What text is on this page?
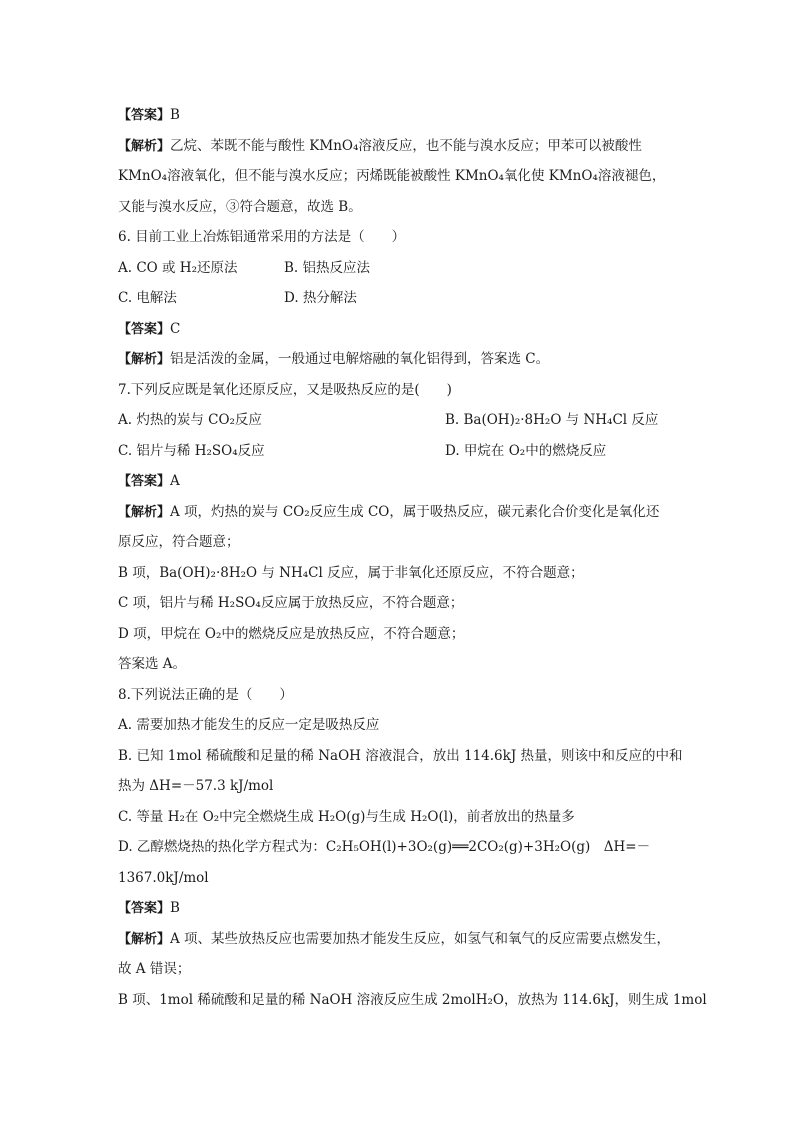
【答案】B
【解析】乙烷、苯既不能与酸性 KMnO₄溶液反应，也不能与溴水反应；甲苯可以被酸性
KMnO₄溶液氧化，但不能与溴水反应；丙烯既能被酸性 KMnO₄氧化使 KMnO₄溶液褪色，
又能与溴水反应，③符合题意，故选 B。
6. 目前工业上冶炼铝通常采用的方法是（　　）
A. CO 或 H₂还原法	B. 铝热反应法
C. 电解法	D. 热分解法
【答案】C
【解析】铝是活泼的金属，一般通过电解熔融的氧化铝得到，答案选 C。
7.下列反应既是氧化还原反应，又是吸热反应的是(　　)
A. 灼热的炭与 CO₂反应	B. Ba(OH)₂·8H₂O 与 NH₄Cl 反应
C. 铝片与稀 H₂SO₄反应	D. 甲烷在 O₂中的燃烧反应
【答案】A
【解析】A 项，灼热的炭与 CO₂反应生成 CO，属于吸热反应，碳元素化合价变化是氧化还
原反应，符合题意；
B 项，Ba(OH)₂·8H₂O 与 NH₄Cl 反应，属于非氧化还原反应，不符合题意；
C 项，铝片与稀 H₂SO₄反应属于放热反应，不符合题意；
D 项，甲烷在 O₂中的燃烧反应是放热反应，不符合题意；
答案选 A。
8.下列说法正确的是（　　）
A. 需要加热才能发生的反应一定是吸热反应
B. 已知 1mol 稀硫酸和足量的稀 NaOH 溶液混合，放出 114.6kJ 热量，则该中和反应的中和
热为 ΔH=－57.3 kJ/mol
C. 等量 H₂在 O₂中完全燃烧生成 H₂O(g)与生成 H₂O(l)，前者放出的热量多
D. 乙醇燃烧热的热化学方程式为：C₂H₅OH(l)+3O₂(g)══2CO₂(g)+3H₂O(g)　ΔH=－
1367.0kJ/mol
【答案】B
【解析】A 项、某些放热反应也需要加热才能发生反应，如氢气和氧气的反应需要点燃发生，
故 A 错误；
B 项、1mol 稀硫酸和足量的稀 NaOH 溶液反应生成 2molH₂O，放热为 114.6kJ，则生成 1mol
